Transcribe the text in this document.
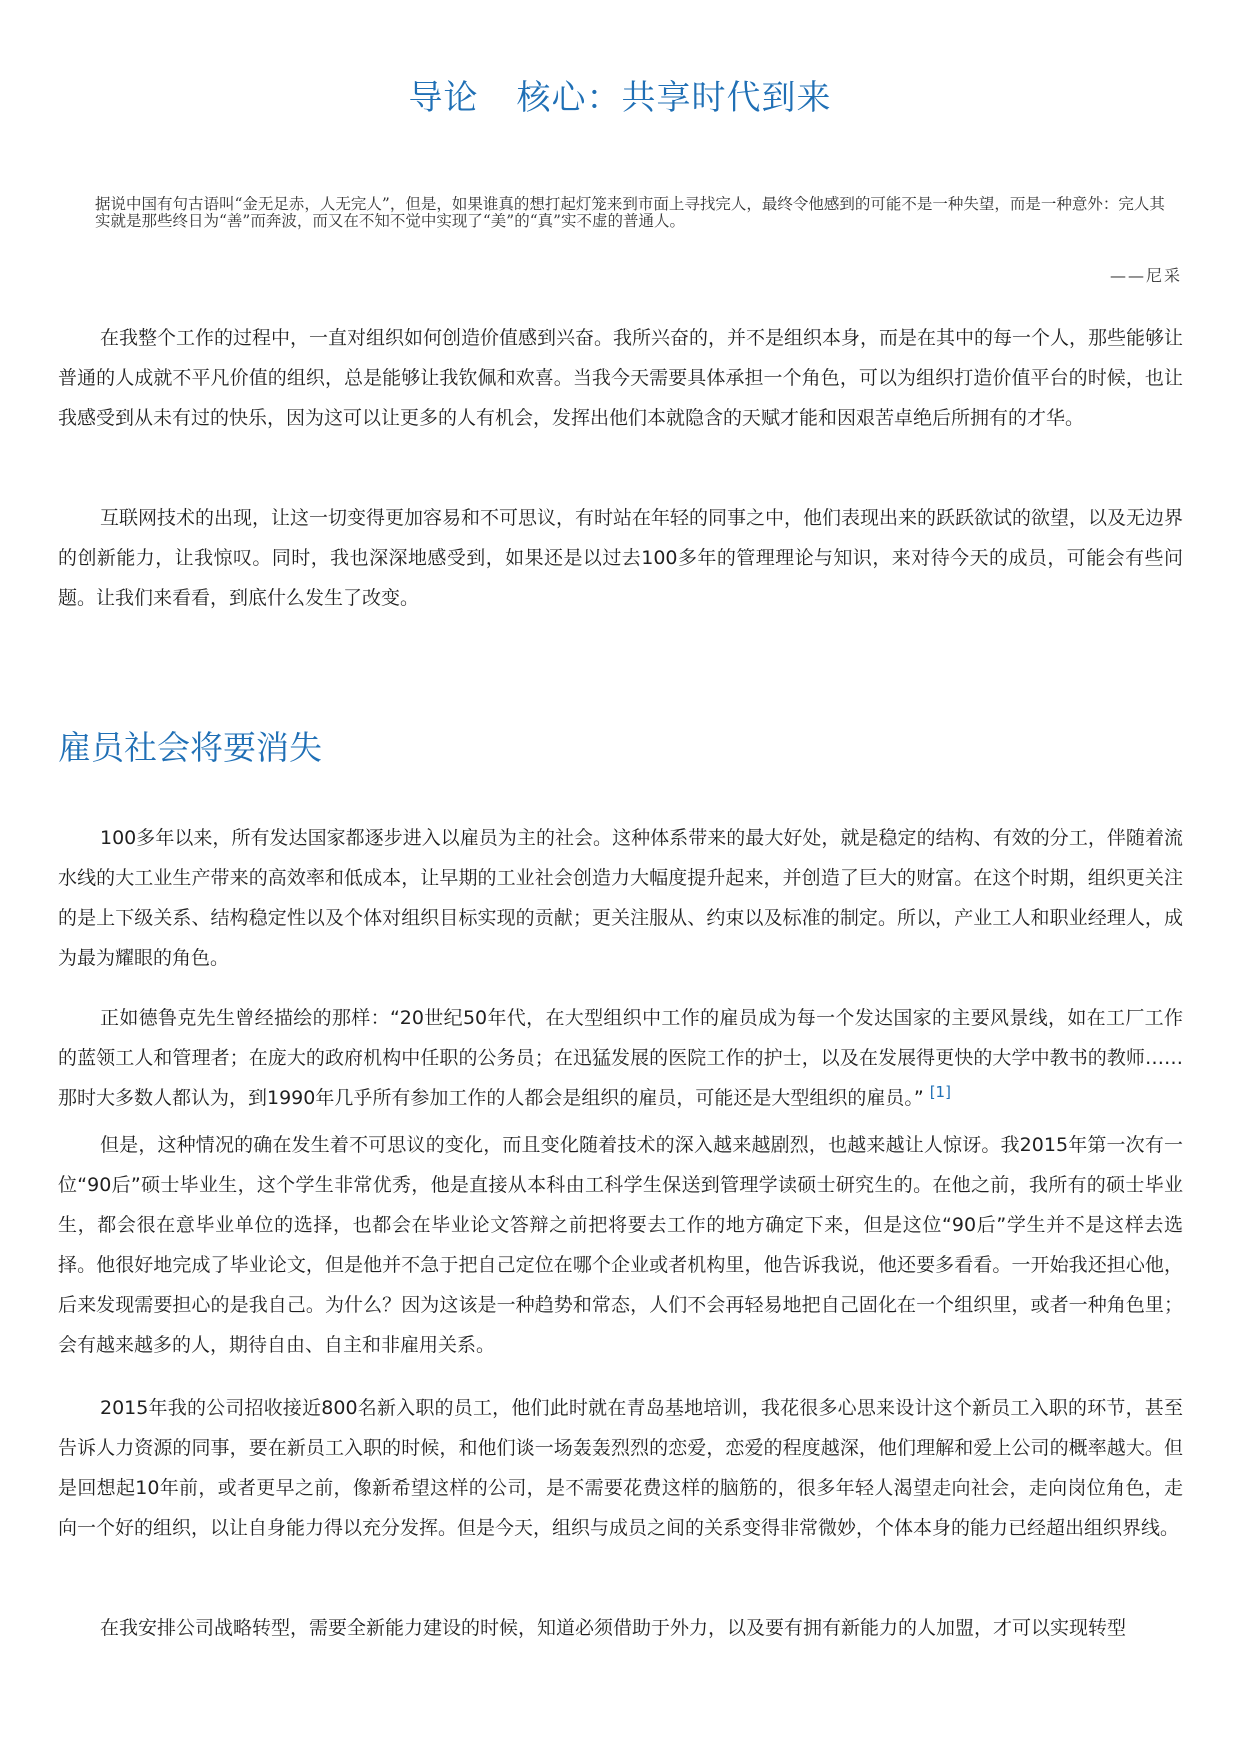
导论 核心：共享时代到来

据说中国有句古语叫“金无足赤，人无完人”，但是，如果谁真的想打起灯笼来到市面上寻找完人，最终令他感到的可能不是一种失望，而是一种意外：完人其实就是那些终日为“善”而奔波，而又在不知不觉中实现了“美”的“真”实不虚的普通人。

——尼采

在我整个工作的过程中，一直对组织如何创造价值感到兴奋。我所兴奋的，并不是组织本身，而是在其中的每一个人，那些能够让普通的人成就不平凡价值的组织，总是能够让我钦佩和欢喜。当我今天需要具体承担一个角色，可以为组织打造价值平台的时候，也让我感受到从未有过的快乐，因为这可以让更多的人有机会，发挥出他们本就隐含的天赋才能和因艰苦卓绝后所拥有的才华。

互联网技术的出现，让这一切变得更加容易和不可思议，有时站在年轻的同事之中，他们表现出来的跃跃欲试的欲望，以及无边界的创新能力，让我惊叹。同时，我也深深地感受到，如果还是以过去100多年的管理理论与知识，来对待今天的成员，可能会有些问题。让我们来看看，到底什么发生了改变。

雇员社会将要消失

100多年以来，所有发达国家都逐步进入以雇员为主的社会。这种体系带来的最大好处，就是稳定的结构、有效的分工，伴随着流水线的大工业生产带来的高效率和低成本，让早期的工业社会创造力大幅度提升起来，并创造了巨大的财富。在这个时期，组织更关注的是上下级关系、结构稳定性以及个体对组织目标实现的贡献；更关注服从、约束以及标准的制定。所以，产业工人和职业经理人，成为最为耀眼的角色。

正如德鲁克先生曾经描绘的那样：“20世纪50年代，在大型组织中工作的雇员成为每一个发达国家的主要风景线，如在工厂工作的蓝领工人和管理者；在庞大的政府机构中任职的公务员；在迅猛发展的医院工作的护士，以及在发展得更快的大学中教书的教师……那时大多数人都认为，到1990年几乎所有参加工作的人都会是组织的雇员，可能还是大型组织的雇员。” [1]

但是，这种情况的确在发生着不可思议的变化，而且变化随着技术的深入越来越剧烈，也越来越让人惊讶。我2015年第一次有一位“90后”硕士毕业生，这个学生非常优秀，他是直接从本科由工科学生保送到管理学读硕士研究生的。在他之前，我所有的硕士毕业生，都会很在意毕业单位的选择，也都会在毕业论文答辩之前把将要去工作的地方确定下来，但是这位“90后”学生并不是这样去选择。他很好地完成了毕业论文，但是他并不急于把自己定位在哪个企业或者机构里，他告诉我说，他还要多看看。一开始我还担心他，后来发现需要担心的是我自己。为什么？因为这该是一种趋势和常态，人们不会再轻易地把自己固化在一个组织里，或者一种角色里；会有越来越多的人，期待自由、自主和非雇用关系。

2015年我的公司招收接近800名新入职的员工，他们此时就在青岛基地培训，我花很多心思来设计这个新员工入职的环节，甚至告诉人力资源的同事，要在新员工入职的时候，和他们谈一场轰轰烈烈的恋爱，恋爱的程度越深，他们理解和爱上公司的概率越大。但是回想起10年前，或者更早之前，像新希望这样的公司，是不需要花费这样的脑筋的，很多年轻人渴望走向社会，走向岗位角色，走向一个好的组织，以让自身能力得以充分发挥。但是今天，组织与成员之间的关系变得非常微妙，个体本身的能力已经超出组织界线。

在我安排公司战略转型，需要全新能力建设的时候，知道必须借助于外力，以及要有拥有新能力的人加盟，才可以实现转型
